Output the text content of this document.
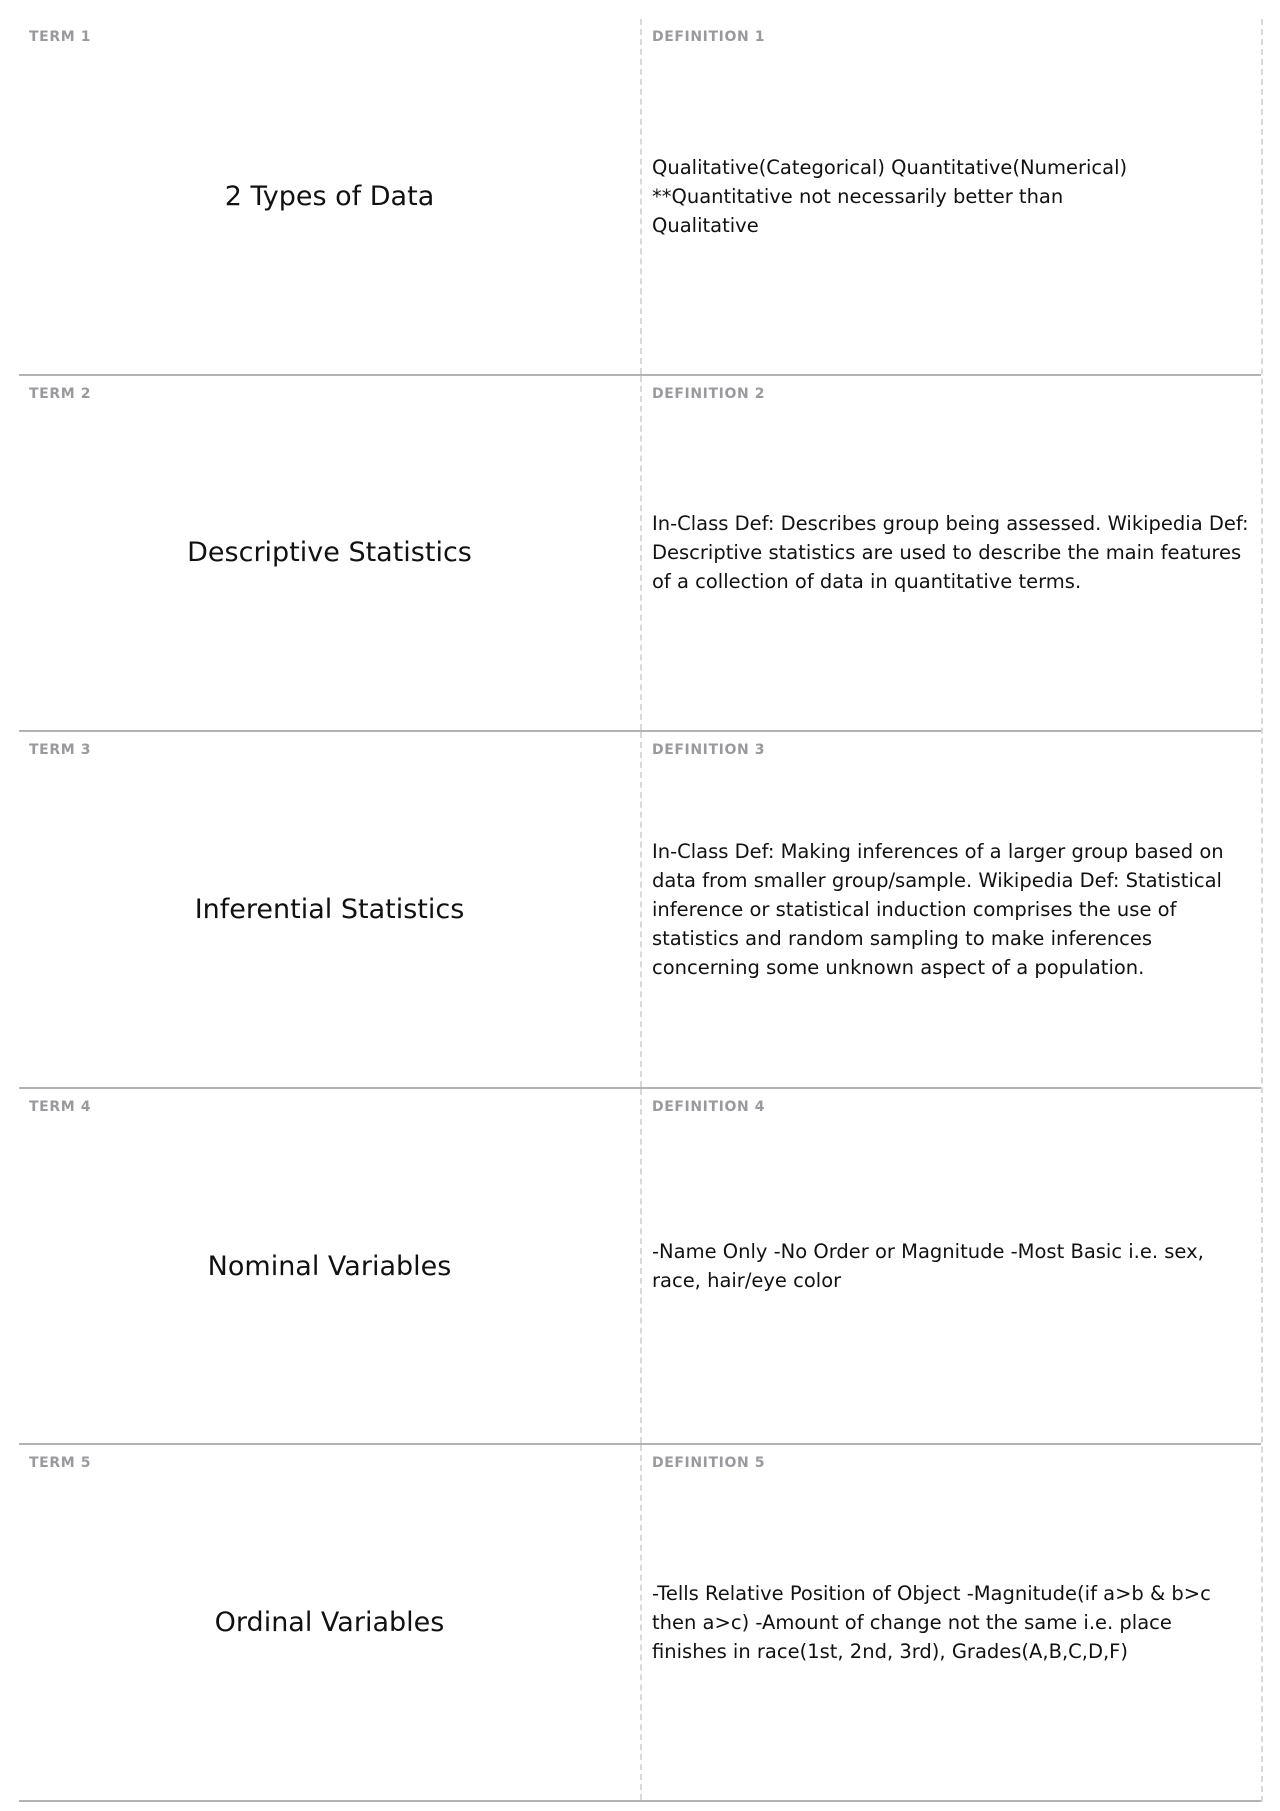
TERM 1
2 Types of Data
DEFINITION 1
Qualitative(Categorical) Quantitative(Numerical) **Quantitative not necessarily better than Qualitative
TERM 2
Descriptive Statistics
DEFINITION 2
In-Class Def: Describes group being assessed. Wikipedia Def: Descriptive statistics are used to describe the main features of a collection of data in quantitative terms.
TERM 3
Inferential Statistics
DEFINITION 3
In-Class Def: Making inferences of a larger group based on data from smaller group/sample. Wikipedia Def: Statistical inference or statistical induction comprises the use of statistics and random sampling to make inferences concerning some unknown aspect of a population.
TERM 4
Nominal Variables
DEFINITION 4
-Name Only -No Order or Magnitude -Most Basic i.e. sex, race, hair/eye color
TERM 5
Ordinal Variables
DEFINITION 5
-Tells Relative Position of Object -Magnitude(if a>b & b>c then a>c) -Amount of change not the same i.e. place finishes in race(1st, 2nd, 3rd), Grades(A,B,C,D,F)
